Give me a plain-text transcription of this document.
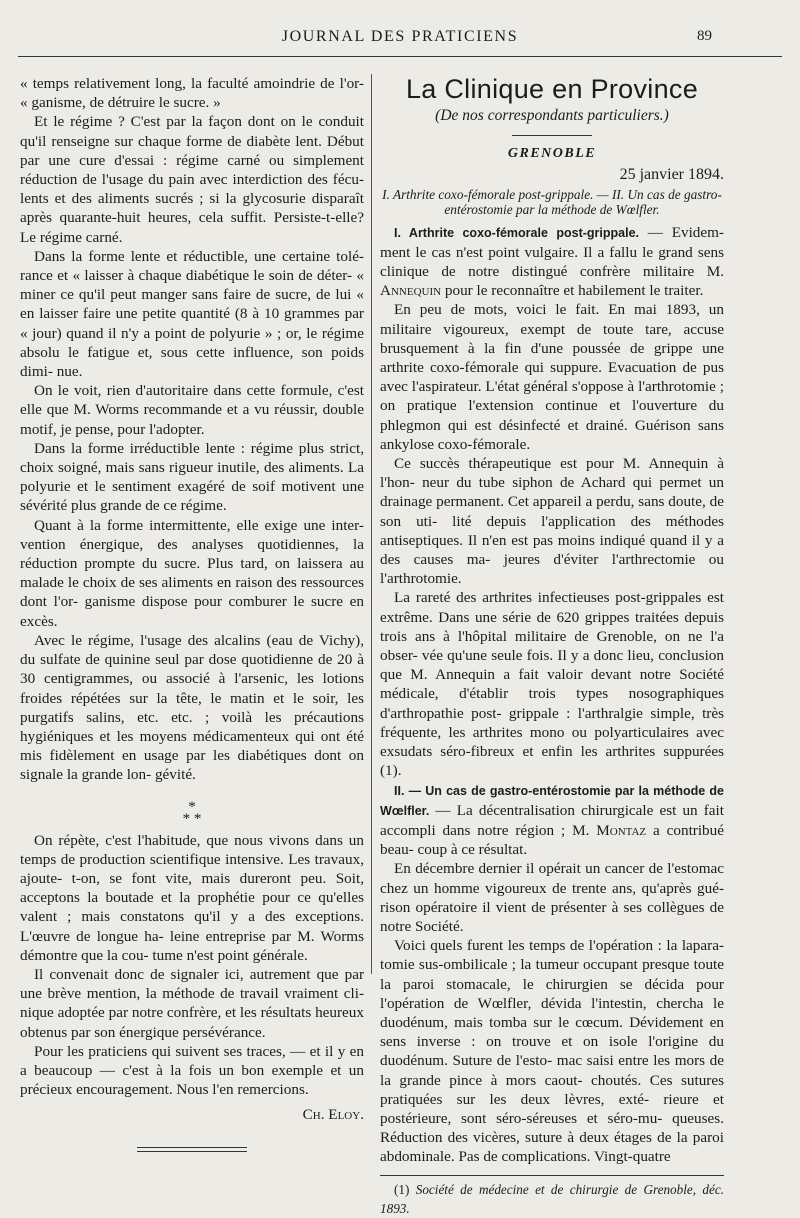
JOURNAL DES PRATICIENS	89

« temps relativement long, la faculté amoindrie de l'or- « ganisme, de détruire le sucre. »

Et le régime ? C'est par la façon dont on le conduit qu'il renseigne sur chaque forme de diabète lent. Début par une cure d'essai : régime carné ou simplement réduction de l'usage du pain avec interdiction des fécu- lents et des aliments sucrés ; si la glycosurie disparaît après quarante-huit heures, cela suffit. Persiste-t-elle? Le régime carné.

Dans la forme lente et réductible, une certaine tolé- rance et « laisser à chaque diabétique le soin de déter- « miner ce qu'il peut manger sans faire de sucre, de lui « en laisser faire une petite quantité (8 à 10 grammes par « jour) quand il n'y a point de polyurie » ; or, le régime absolu le fatigue et, sous cette influence, son poids dimi- nue.

On le voit, rien d'autoritaire dans cette formule, c'est elle que M. Worms recommande et a vu réussir, double motif, je pense, pour l'adopter.

Dans la forme irréductible lente : régime plus strict, choix soigné, mais sans rigueur inutile, des aliments. La polyurie et le sentiment exagéré de soif motivent une sévérité plus grande de ce régime.

Quant à la forme intermittente, elle exige une inter- vention énergique, des analyses quotidiennes, la réduction prompte du sucre. Plus tard, on laissera au malade le choix de ses aliments en raison des ressources dont l'or- ganisme dispose pour comburer le sucre en excès.

Avec le régime, l'usage des alcalins (eau de Vichy), du sulfate de quinine seul par dose quotidienne de 20 à 30 centigrammes, ou associé à l'arsenic, les lotions froides répétées sur la tête, le matin et le soir, les purgatifs salins, etc. etc. ; voilà les précautions hygiéniques et les moyens médicamenteux qui ont été mis fidèlement en usage par les diabétiques dont on signale la grande lon- gévité.

*
* *

On répète, c'est l'habitude, que nous vivons dans un temps de production scientifique intensive. Les travaux, ajoute- t-on, se font vite, mais dureront peu. Soit, acceptons la boutade et la prophétie pour ce qu'elles valent ; mais constatons qu'il y a des exceptions. L'œuvre de longue ha- leine entreprise par M. Worms démontre que la cou- tume n'est point générale.

Il convenait donc de signaler ici, autrement que par une brève mention, la méthode de travail vraiment cli- nique adoptée par notre confrère, et les résultats heureux obtenus par son énergique persévérance.

Pour les praticiens qui suivent ses traces, — et il y en a beaucoup — c'est à la fois un bon exemple et un précieux encouragement. Nous l'en remercions.

Ch. Eloy.
La Clinique en Province
(De nos correspondants particuliers.)
GRENOBLE
25 janvier 1894.
I. Arthrite coxo-fémorale post-grippale. — II. Un cas de gastro-entérostomie par la méthode de Wœlfler.

I. Arthrite coxo-fémorale post-grippale. — Evidem- ment le cas n'est point vulgaire. Il a fallu le grand sens clinique de notre distingué confrère militaire M. Annequin pour le reconnaître et habilement le traiter.

En peu de mots, voici le fait. En mai 1893, un militaire vigoureux, exempt de toute tare, accuse brusquement à la fin d'une poussée de grippe une arthrite coxo-fémorale qui suppure. Evacuation de pus avec l'aspirateur. L'état général s'oppose à l'arthrotomie ; on pratique l'extension continue et l'ouverture du phlegmon qui est désinfecté et drainé. Guérison sans ankylose coxo-fémorale.

Ce succès thérapeutique est pour M. Annequin à l'hon- neur du tube siphon de Achard qui permet un drainage permanent. Cet appareil a perdu, sans doute, de son uti- lité depuis l'application des méthodes antiseptiques. Il n'en est pas moins indiqué quand il y a des causes ma- jeures d'éviter l'arthrectomie ou l'arthrotomie.

La rareté des arthrites infectieuses post-grippales est extrême. Dans une série de 620 grippes traitées depuis trois ans à l'hôpital militaire de Grenoble, on ne l'a obser- vée qu'une seule fois. Il y a donc lieu, conclusion que M. Annequin a fait valoir devant notre Société médicale, d'établir trois types nosographiques d'arthropathie post- grippale : l'arthralgie simple, très fréquente, les arthrites mono ou polyarticulaires avec exsudats séro-fibreux et enfin les arthrites suppurées (1).

II. — Un cas de gastro-entérostomie par la méthode de Wœlfler. — La décentralisation chirurgicale est un fait accompli dans notre région ; M. Montaz a contribué beau- coup à ce résultat.

En décembre dernier il opérait un cancer de l'estomac chez un homme vigoureux de trente ans, qu'après gué- rison opératoire il vient de présenter à ses collègues de notre Société.

Voici quels furent les temps de l'opération : la lapara- tomie sus-ombilicale ; la tumeur occupant presque toute la paroi stomacale, le chirurgien se décida pour l'opération de Wœlfler, dévida l'intestin, chercha le duodénum, mais tomba sur le cœcum. Dévidement en sens inverse : on trouve et on isole l'origine du duodénum. Suture de l'esto- mac saisi entre les mors de la grande pince à mors caout- choutés. Ces sutures pratiquées sur les deux lèvres, exté- rieure et postérieure, sont séro-séreuses et séro-mu- queuses. Réduction des vicères, suture à deux étages de la paroi abdominale. Pas de complications. Vingt-quatre

(1) Société de médecine et de chirurgie de Grenoble, déc. 1893.
